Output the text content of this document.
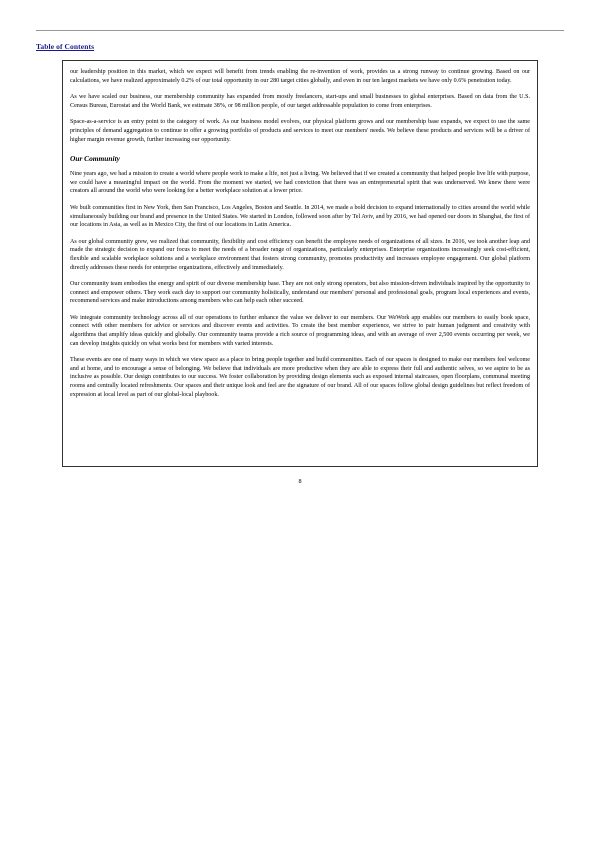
Table of Contents

our leadership position in this market, which we expect will benefit from trends enabling the re-invention of work, provides us a strong runway to continue growing. Based on our calculations, we have realized approximately 0.2% of our total opportunity in our 280 target cities globally, and even in our ten largest markets we have only 0.6% penetration today.

As we have scaled our business, our membership community has expanded from mostly freelancers, start-ups and small businesses to global enterprises. Based on data from the U.S. Census Bureau, Eurostat and the World Bank, we estimate 38%, or 98 million people, of our target addressable population to come from enterprises.

Space-as-a-service is an entry point to the category of work. As our business model evolves, our physical platform grows and our membership base expands, we expect to use the same principles of demand aggregation to continue to offer a growing portfolio of products and services to meet our members' needs. We believe these products and services will be a driver of higher margin revenue growth, further increasing our opportunity.

Our Community

Nine years ago, we had a mission to create a world where people work to make a life, not just a living. We believed that if we created a community that helped people live life with purpose, we could have a meaningful impact on the world. From the moment we started, we had conviction that there was an entrepreneurial spirit that was underserved. We knew there were creators all around the world who were looking for a better workplace solution at a lower price.

We built communities first in New York, then San Francisco, Los Angeles, Boston and Seattle. In 2014, we made a bold decision to expand internationally to cities around the world while simultaneously building our brand and presence in the United States. We started in London, followed soon after by Tel Aviv, and by 2016, we had opened our doors in Shanghai, the first of our locations in Asia, as well as in Mexico City, the first of our locations in Latin America.

As our global community grew, we realized that community, flexibility and cost efficiency can benefit the employee needs of organizations of all sizes. In 2016, we took another leap and made the strategic decision to expand our focus to meet the needs of a broader range of organizations, particularly enterprises. Enterprise organizations increasingly seek cost-efficient, flexible and scalable workplace solutions and a workplace environment that fosters strong community, promotes productivity and increases employee engagement. Our global platform directly addresses these needs for enterprise organizations, effectively and immediately.

Our community team embodies the energy and spirit of our diverse membership base. They are not only strong operators, but also mission-driven individuals inspired by the opportunity to connect and empower others. They work each day to support our community holistically, understand our members' personal and professional goals, program local experiences and events, recommend services and make introductions among members who can help each other succeed.

We integrate community technology across all of our operations to further enhance the value we deliver to our members. Our WeWork app enables our members to easily book space, connect with other members for advice or services and discover events and activities. To create the best member experience, we strive to pair human judgment and creativity with algorithms that amplify ideas quickly and globally. Our community teams provide a rich source of programming ideas, and with an average of over 2,500 events occurring per week, we can develop insights quickly on what works best for members with varied interests.

These events are one of many ways in which we view space as a place to bring people together and build communities. Each of our spaces is designed to make our members feel welcome and at home, and to encourage a sense of belonging. We believe that individuals are more productive when they are able to express their full and authentic selves, so we aspire to be as inclusive as possible. Our design contributes to our success. We foster collaboration by providing design elements such as exposed internal staircases, open floorplans, communal meeting rooms and centrally located refreshments. Our spaces and their unique look and feel are the signature of our brand. All of our spaces follow global design guidelines but reflect freedom of expression at local level as part of our global-local playbook.

8
